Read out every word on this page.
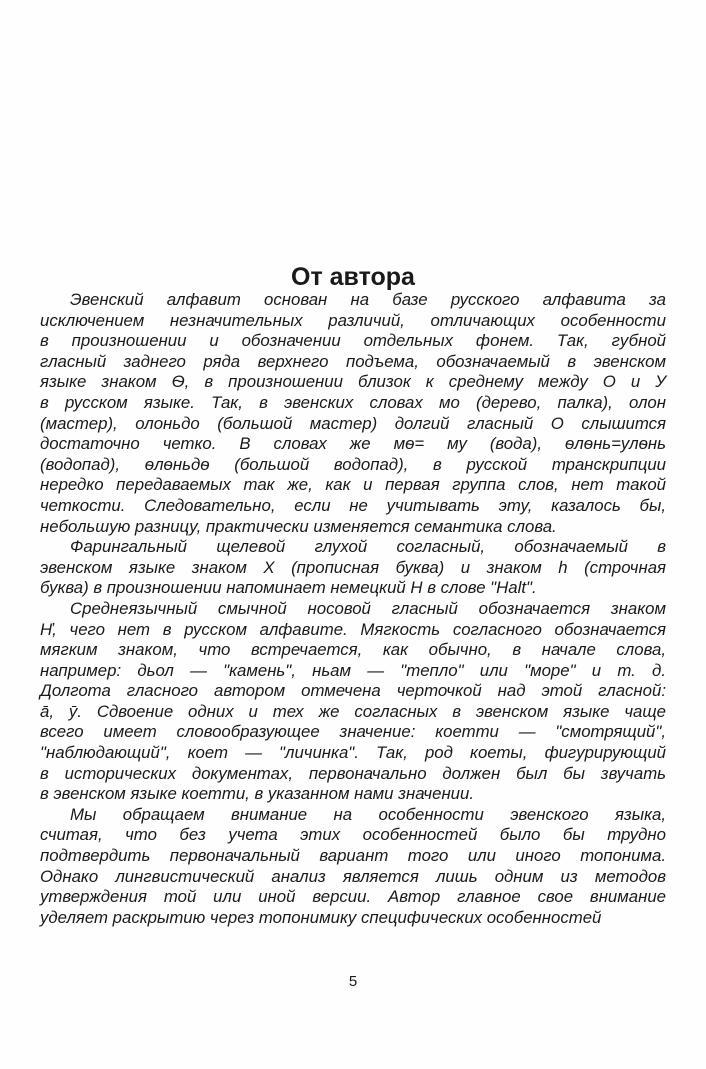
От автора

Эвенский алфавит основан на базе русского алфавита за
исключением незначительных различий, отличающих особенности
в произношении и обозначении отдельных фонем. Так, губной
гласный заднего ряда верхнего подъема, обозначаемый в эвенском
языке знаком Ѳ, в произношении близок к среднему между О и У
в русском языке. Так, в эвенских словах мо (дерево, палка), олон
(мастер), олоньдо (большой мастер) долгий гласный О слышится
достаточно четко. В словах же мѳ= му (вода), ѳлѳнь=улѳнь
(водопад), ѳлѳньдѳ (большой водопад), в русской транскрипции
нередко передаваемых так же, как и первая группа слов, нет такой
четкости. Следовательно, если не учитывать эту, казалось бы,
небольшую разницу, практически изменяется семантика слова.

Фарингальный щелевой глухой согласный, обозначаемый в
эвенском языке знаком Х (прописная буква) и знаком һ (строчная
буква) в произношении напоминает немецкий Н в слове "Halt".

Среднеязычный смычной носовой гласный обозначается знаком
Н҆, чего нет в русском алфавите. Мягкость согласного обозначается
мягким знаком, что встречается, как обычно, в начале слова,
например: дьол — "камень", ньам — "тепло" или "море" и т. д.
Долгота гласного автором отмечена черточкой над этой гласной:
ā, ӯ. Сдвоение одних и тех же согласных в эвенском языке чаще
всего имеет словообразующее значение: коетти — "смотрящий",
"наблюдающий", коет — "личинка". Так, род коеты, фигурирующий
в исторических документах, первоначально должен был бы звучать
в эвенском языке коетти, в указанном нами значении.

Мы обращаем внимание на особенности эвенского языка,
считая, что без учета этих особенностей было бы трудно
подтвердить первоначальный вариант того или иного топонима.
Однако лингвистический анализ является лишь одним из методов
утверждения той или иной версии. Автор главное свое внимание
уделяет раскрытию через топонимику специфических особенностей

5
